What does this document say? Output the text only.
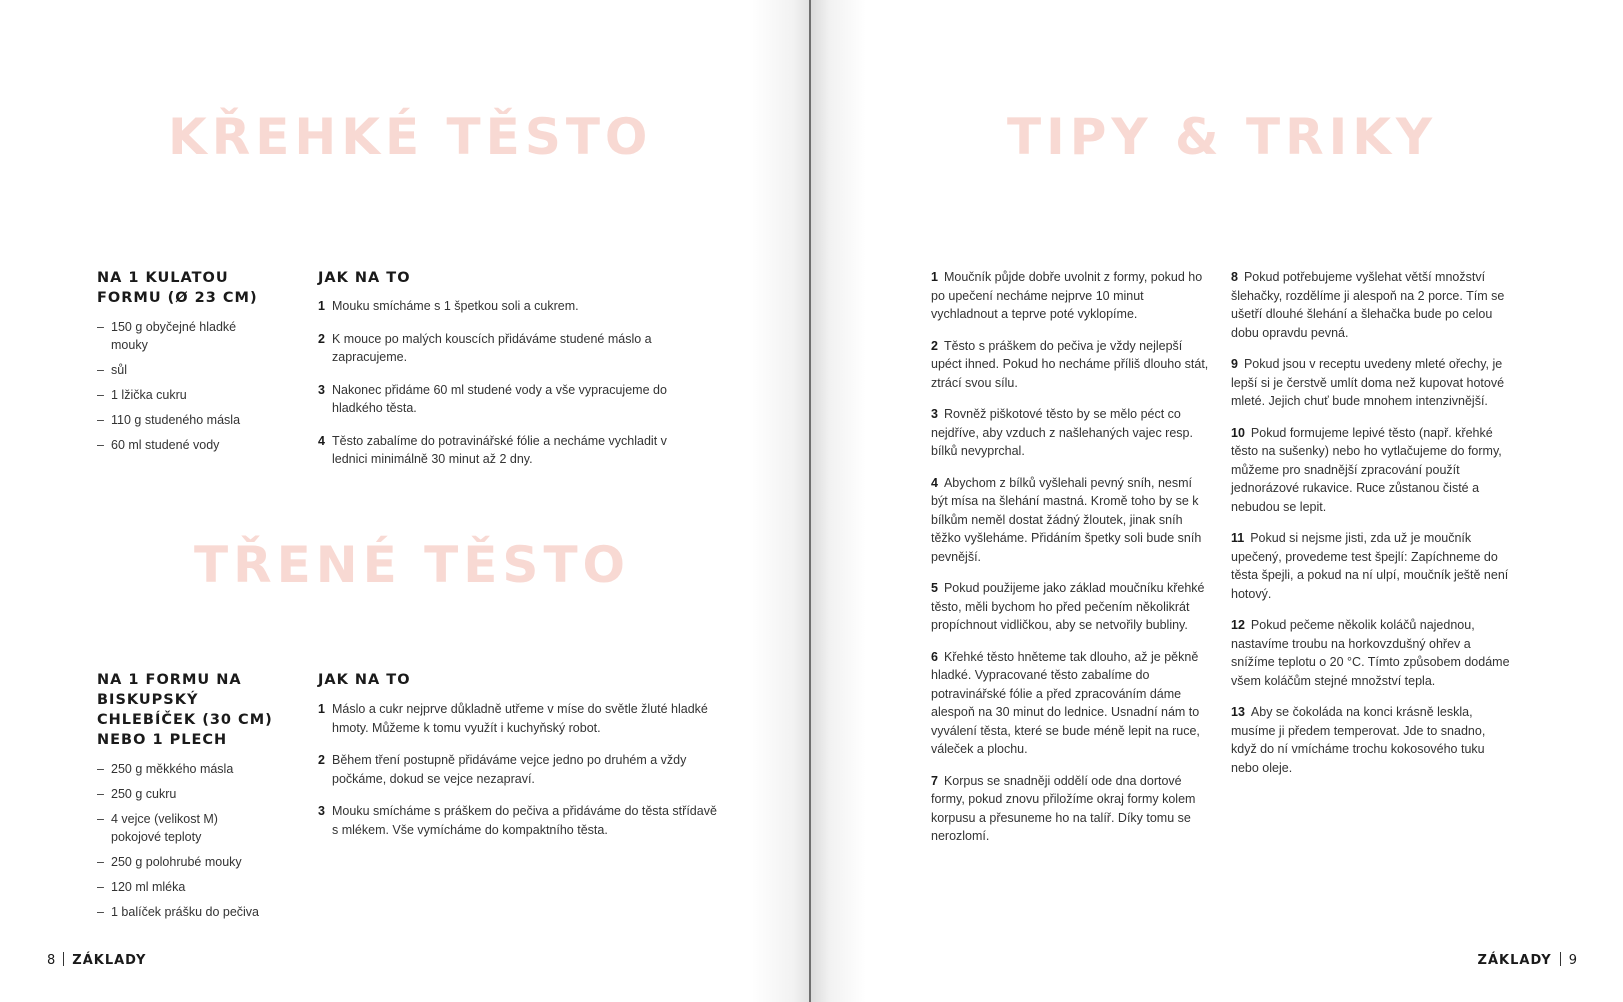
KŘEHKÉ TĚSTO
NA 1 KULATOU FORMU (Ø 23 CM)
– 150 g obyčejné hladké mouky
– sůl
– 1 lžička cukru
– 110 g studeného másla
– 60 ml studené vody
JAK NA TO
1 Mouku smícháme s 1 špetkou soli a cukrem.
2 K mouce po malých kouscích přidáváme studené máslo a zapracujeme.
3 Nakonec přidáme 60 ml studené vody a vše vypracujeme do hladkého těsta.
4 Těsto zabalíme do potravinářské fólie a necháme vychladit v lednici minimálně 30 minut až 2 dny.
TŘENÉ TĚSTO
NA 1 FORMU NA BISKUPSKÝ CHLEBÍČEK (30 CM) NEBO 1 PLECH
– 250 g měkkého másla
– 250 g cukru
– 4 vejce (velikost M) pokojové teploty
– 250 g polohrubé mouky
– 120 ml mléka
– 1 balíček prášku do pečiva
JAK NA TO
1 Máslo a cukr nejprve důkladně utřeme v míse do světle žluté hladké hmoty. Můžeme k tomu využít i kuchyňský robot.
2 Během tření postupně přidáváme vejce jedno po druhém a vždy počkáme, dokud se vejce nezapraví.
3 Mouku smícháme s práškem do pečiva a přidáváme do těsta střídavě s mlékem. Vše vymícháme do kompaktního těsta.
8 ZÁKLADY
TIPY & TRIKY
1 Moučník půjde dobře uvolnit z formy, pokud ho po upečení necháme nejprve 10 minut vychladnout a teprve poté vyklopíme.
2 Těsto s práškem do pečiva je vždy nejlepší upéct ihned. Pokud ho necháme příliš dlouho stát, ztrácí svou sílu.
3 Rovněž piškotové těsto by se mělo péct co nejdříve, aby vzduch z našlehaných vajec resp. bílků nevyprchal.
4 Abychom z bílků vyšlehali pevný sníh, nesmí být mísa na šlehání mastná. Kromě toho by se k bílkům neměl dostat žádný žloutek, jinak sníh těžko vyšleháme. Přidáním špetky soli bude sníh pevnější.
5 Pokud použijeme jako základ moučníku křehké těsto, měli bychom ho před pečením několikrát propíchnout vidličkou, aby se netvořily bubliny.
6 Křehké těsto hněteme tak dlouho, až je pěkně hladké. Vypracované těsto zabalíme do potravinářské fólie a před zpracováním dáme alespoň na 30 minut do lednice. Usnadní nám to vyválení těsta, které se bude méně lepit na ruce, váleček a plochu.
7 Korpus se snadněji oddělí ode dna dortové formy, pokud znovu přiložíme okraj formy kolem korpusu a přesuneme ho na talíř. Díky tomu se nerozlomí.
8 Pokud potřebujeme vyšlehat větší množství šlehačky, rozdělíme ji alespoň na 2 porce. Tím se ušetří dlouhé šlehání a šlehačka bude po celou dobu opravdu pevná.
9 Pokud jsou v receptu uvedeny mleté ořechy, je lepší si je čerstvě umlít doma než kupovat hotové mleté. Jejich chuť bude mnohem intenzivnější.
10 Pokud formujeme lepivé těsto (např. křehké těsto na sušenky) nebo ho vytlačujeme do formy, můžeme pro snadnější zpracování použít jednorázové rukavice. Ruce zůstanou čisté a nebudou se lepit.
11 Pokud si nejsme jisti, zda už je moučník upečený, provedeme test špejlí: Zapíchneme do těsta špejli, a pokud na ní ulpí, moučník ještě není hotový.
12 Pokud pečeme několik koláčů najednou, nastavíme troubu na horkovzdušný ohřev a snížíme teplotu o 20 °C. Tímto způsobem dodáme všem koláčům stejné množství tepla.
13 Aby se čokoláda na konci krásně leskla, musíme ji předem temperovat. Jde to snadno, když do ní vmícháme trochu kokosového tuku nebo oleje.
ZÁKLADY 9
